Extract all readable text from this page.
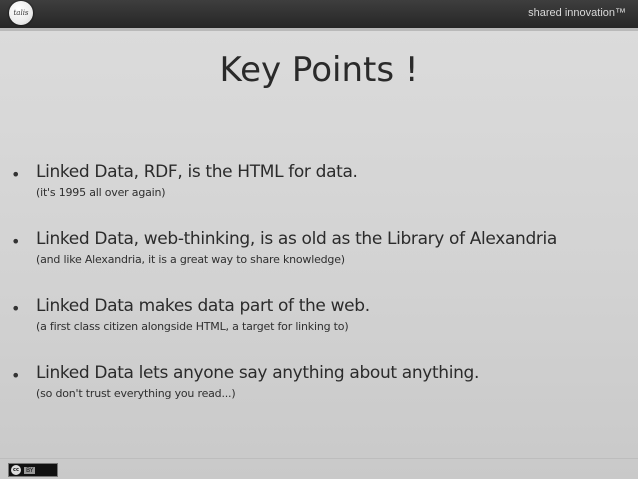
talis	shared innovation™
Key Points !
• Linked Data, RDF, is the HTML for data.
(it's 1995 all over again)
• Linked Data, web-thinking, is as old as the Library of Alexandria
(and like Alexandria, it is a great way to share knowledge)
• Linked Data makes data part of the web.
(a first class citizen alongside HTML, a target for linking to)
• Linked Data lets anyone say anything about anything.
(so don't trust everything you read...)
cc	BY
